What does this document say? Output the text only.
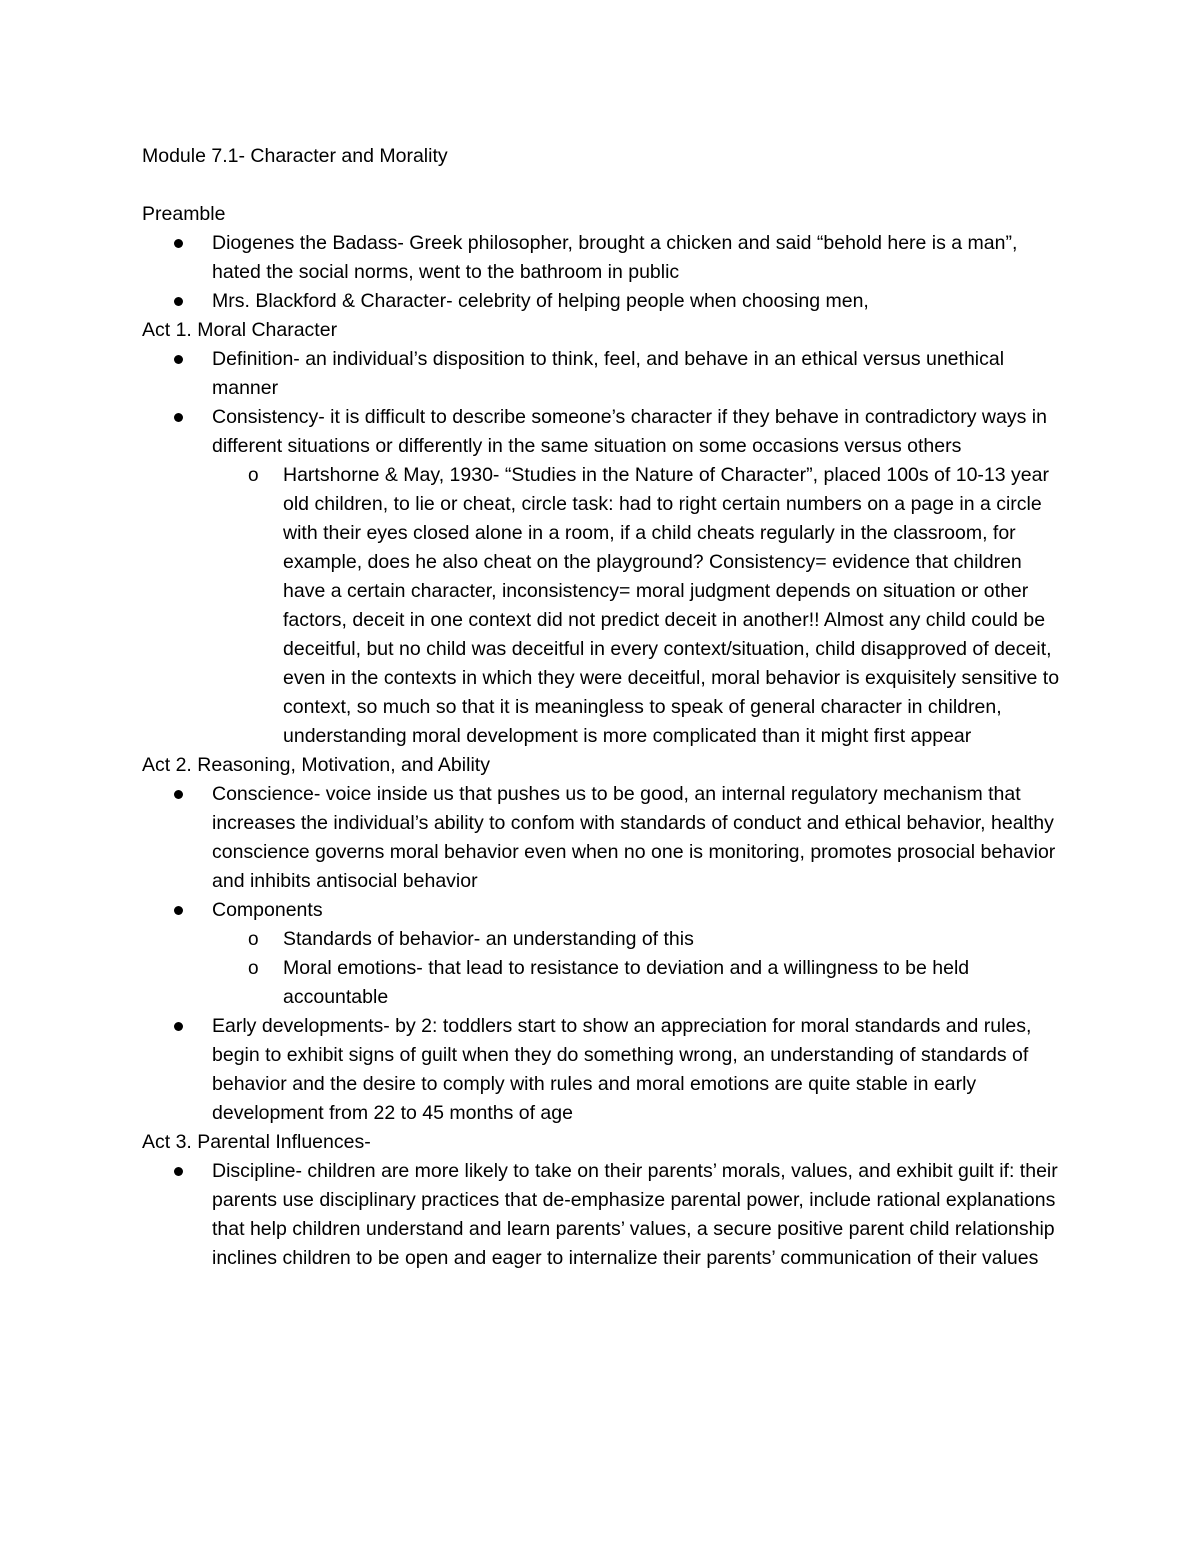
Module 7.1- Character and Morality
Preamble
Diogenes the Badass- Greek philosopher, brought a chicken and said “behold here is a man”, hated the social norms, went to the bathroom in public
Mrs. Blackford & Character- celebrity of helping people when choosing men,
Act 1. Moral Character
Definition- an individual’s disposition to think, feel, and behave in an ethical versus unethical manner
Consistency- it is difficult to describe someone’s character if they behave in contradictory ways in different situations or differently in the same situation on some occasions versus others
o Hartshorne & May, 1930- “Studies in the Nature of Character”, placed 100s of 10-13 year old children, to lie or cheat, circle task: had to right certain numbers on a page in a circle with their eyes closed alone in a room, if a child cheats regularly in the classroom, for example, does he also cheat on the playground? Consistency= evidence that children have a certain character, inconsistency= moral judgment depends on situation or other factors, deceit in one context did not predict deceit in another!! Almost any child could be deceitful, but no child was deceitful in every context/situation, child disapproved of deceit, even in the contexts in which they were deceitful, moral behavior is exquisitely sensitive to context, so much so that it is meaningless to speak of general character in children, understanding moral development is more complicated than it might first appear
Act 2. Reasoning, Motivation, and Ability
Conscience- voice inside us that pushes us to be good, an internal regulatory mechanism that increases the individual’s ability to confom with standards of conduct and ethical behavior, healthy conscience governs moral behavior even when no one is monitoring, promotes prosocial behavior and inhibits antisocial behavior
Components
o Standards of behavior- an understanding of this
o Moral emotions- that lead to resistance to deviation and a willingness to be held accountable
Early developments- by 2: toddlers start to show an appreciation for moral standards and rules, begin to exhibit signs of guilt when they do something wrong, an understanding of standards of behavior and the desire to comply with rules and moral emotions are quite stable in early development from 22 to 45 months of age
Act 3. Parental Influences-
Discipline- children are more likely to take on their parents’ morals, values, and exhibit guilt if: their parents use disciplinary practices that de-emphasize parental power, include rational explanations that help children understand and learn parents’ values, a secure positive parent child relationship inclines children to be open and eager to internalize their parents’ communication of their values
